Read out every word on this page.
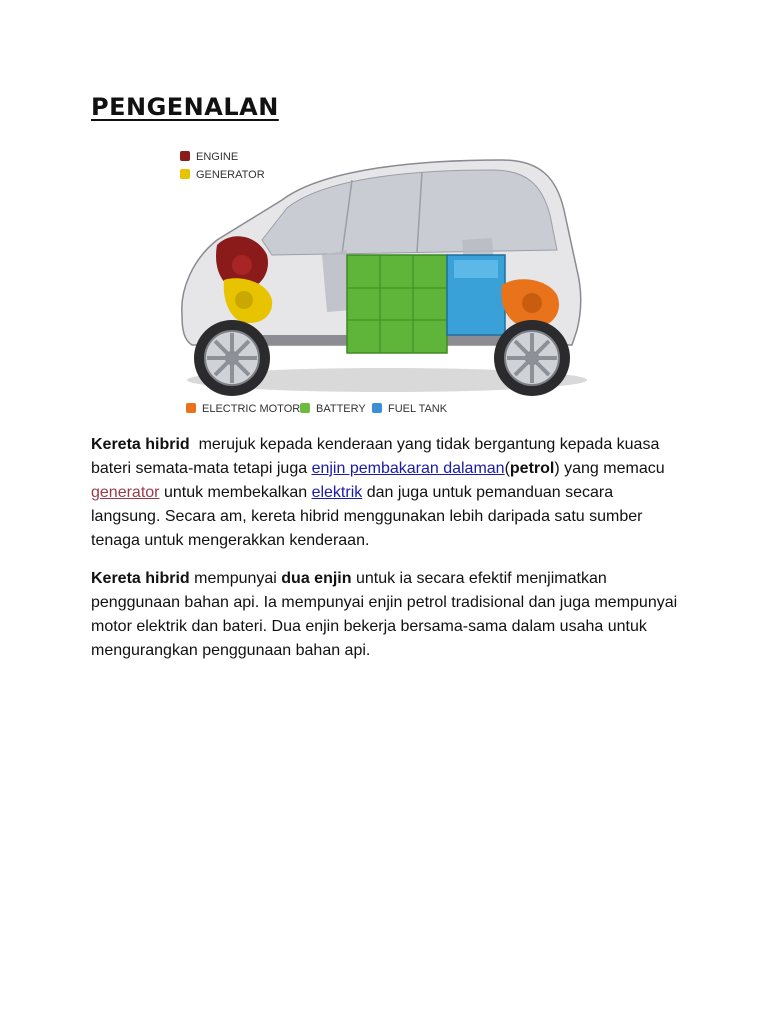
PENGENALAN
ENGINE
GENERATOR
ELECTRIC MOTOR BATTERY FUEL TANK

Kereta hibrid  merujuk kepada kenderaan yang tidak bergantung kepada kuasa bateri semata-mata tetapi juga enjin pembakaran dalaman(petrol) yang memacu generator untuk membekalkan elektrik dan juga untuk pemanduan secara langsung. Secara am, kereta hibrid menggunakan lebih daripada satu sumber tenaga untuk mengerakkan kenderaan.

Kereta hibrid mempunyai dua enjin untuk ia secara efektif menjimatkan penggunaan bahan api. Ia mempunyai enjin petrol tradisional dan juga mempunyai motor elektrik dan bateri. Dua enjin bekerja bersama-sama dalam usaha untuk mengurangkan penggunaan bahan api.
